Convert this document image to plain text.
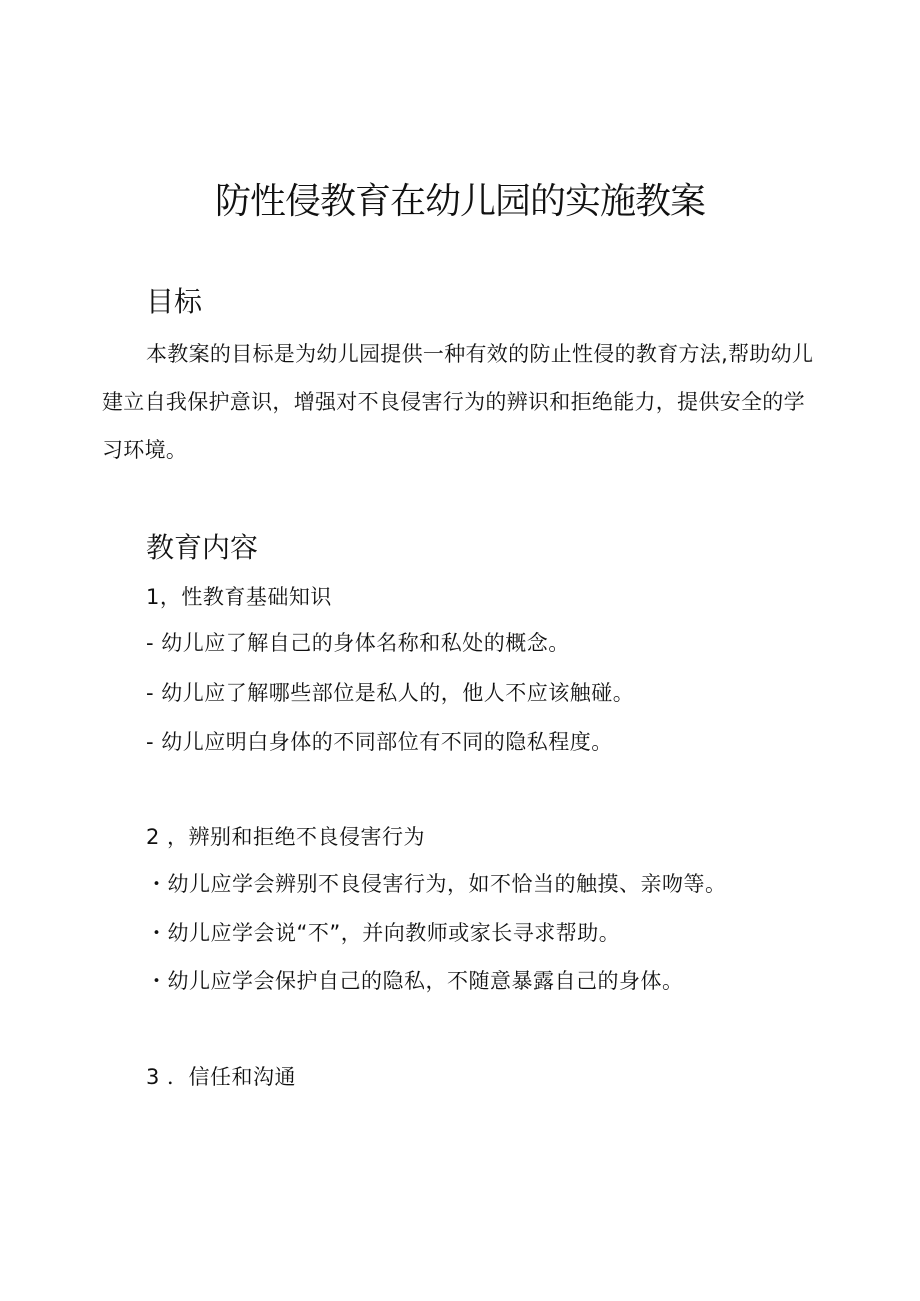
防性侵教育在幼儿园的实施教案
目标

本教案的目标是为幼儿园提供一种有效的防止性侵的教育方法,帮助幼儿建立自我保护意识，增强对不良侵害行为的辨识和拒绝能力，提供安全的学习环境。

教育内容

1，性教育基础知识

- 幼儿应了解自己的身体名称和私处的概念。

- 幼儿应了解哪些部位是私人的，他人不应该触碰。

- 幼儿应明白身体的不同部位有不同的隐私程度。

2 ，辨别和拒绝不良侵害行为

・幼儿应学会辨别不良侵害行为，如不恰当的触摸、亲吻等。

・幼儿应学会说“不”，并向教师或家长寻求帮助。

・幼儿应学会保护自己的隐私，不随意暴露自己的身体。

3 ．信任和沟通
